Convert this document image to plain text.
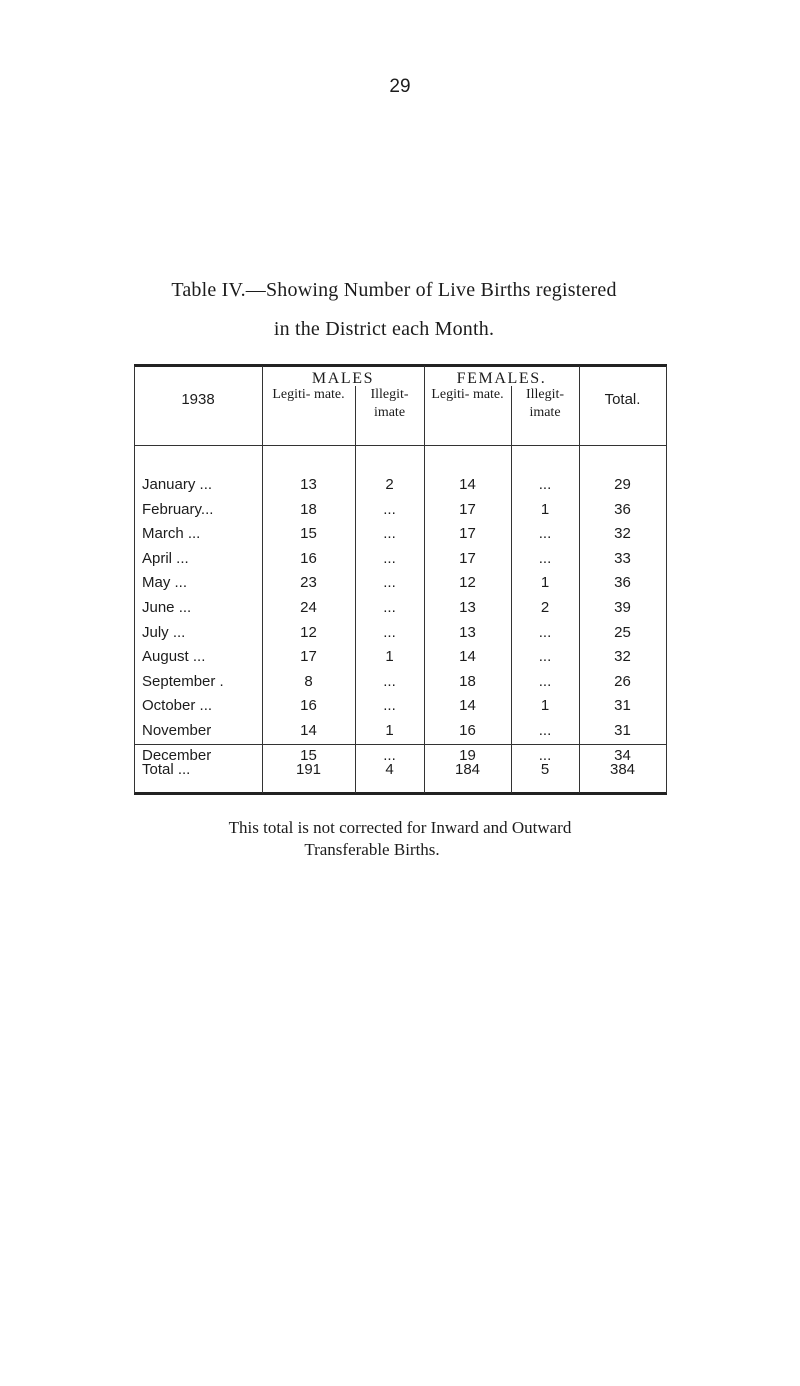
29
Table IV.—Showing Number of Live Births registered
in the District each Month.
1938
MALES	FEMALES.
Legiti- mate.	Illegit- imate
Legiti- mate.	Illegit- imate
Total.
January ...	13	2	14	...	29
February...	18	...	17	1	36
March ...	15	...	17	...	32
April ...	16	...	17	...	33
May ...	23	...	12	1	36
June ...	24	...	13	2	39
July ...	12	...	13	...	25
August ...	17	1	14	...	32
September .	8	...	18	...	26
October ...	16	...	14	1	31
November	14	1	16	...	31
December	15	...	19	...	34
Total ...	191	4	184	5	384
This total is not corrected for Inward and Outward
Transferable Births.
